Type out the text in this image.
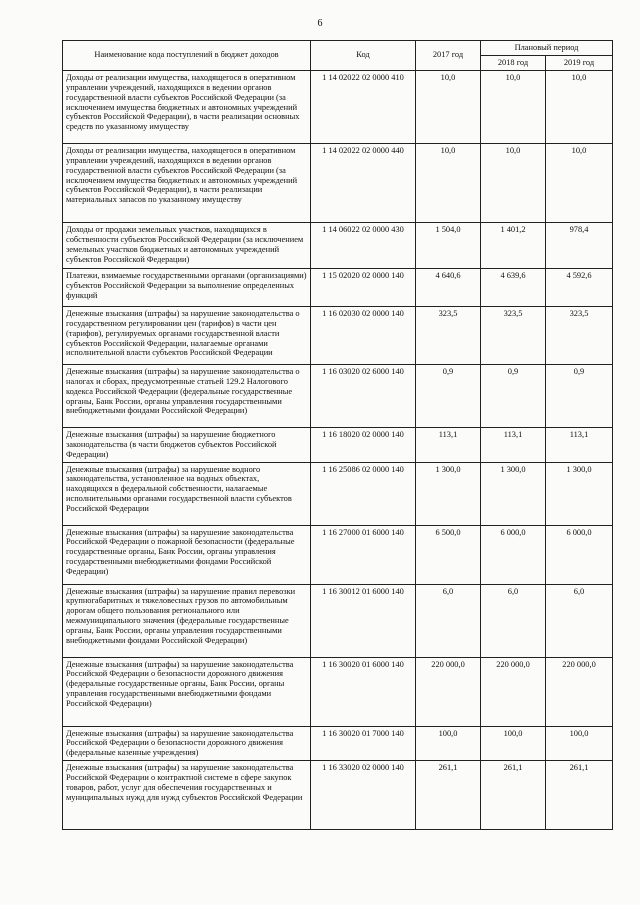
6
Наименование кода поступлений в бюджет доходов	Код	2017 год	Плановый период	
			2018 год	2019 год
Доходы от реализации имущества, находящегося в оперативном управлении учреждений, находящихся в ведении органов государственной власти субъектов Российской Федерации (за исключением имущества бюджетных и автономных учреждений субъектов Российской Федерации), в части реализации основных средств по указанному имуществу	1 14 02022 02 0000 410	10,0	10,0	10,0
Доходы от реализации имущества, находящегося в оперативном управлении учреждений, находящихся в ведении органов государственной власти субъектов Российской Федерации (за исключением имущества бюджетных и автономных учреждений субъектов Российской Федерации), в части реализации материальных запасов по указанному имуществу	1 14 02022 02 0000 440	10,0	10,0	10,0
Доходы от продажи земельных участков, находящихся в собственности субъектов Российской Федерации (за исключением земельных участков бюджетных и автономных учреждений субъектов Российской Федерации)	1 14 06022 02 0000 430	1 504,0	1 401,2	978,4
Платежи, взимаемые государственными органами (организациями) субъектов Российской Федерации за выполнение определенных функций	1 15 02020 02 0000 140	4 640,6	4 639,6	4 592,6
Денежные взыскания (штрафы) за нарушение законодательства о государственном регулировании цен (тарифов) в части цен (тарифов), регулируемых органами государственной власти субъектов Российской Федерации, налагаемые органами исполнительной власти субъектов Российской Федерации	1 16 02030 02 0000 140	323,5	323,5	323,5
Денежные взыскания (штрафы) за нарушение законодательства о налогах и сборах, предусмотренные статьей 129.2 Налогового кодекса Российской Федерации (федеральные государственные органы, Банк России, органы управления государственными внебюджетными фондами Российской Федерации)	1 16 03020 02 6000 140	0,9	0,9	0,9
Денежные взыскания (штрафы) за нарушение бюджетного законодательства (в части бюджетов субъектов Российской Федерации)	1 16 18020 02 0000 140	113,1	113,1	113,1
Денежные взыскания (штрафы) за нарушение водного законодательства, установленное на водных объектах, находящихся в федеральной собственности, налагаемые исполнительными органами государственной власти субъектов Российской Федерации	1 16 25086 02 0000 140	1 300,0	1 300,0	1 300,0
Денежные взыскания (штрафы) за нарушение законодательства Российской Федерации о пожарной безопасности (федеральные государственные органы, Банк России, органы управления государственными внебюджетными фондами Российской Федерации)	1 16 27000 01 6000 140	6 500,0	6 000,0	6 000,0
Денежные взыскания (штрафы) за нарушение правил перевозки крупногабаритных и тяжеловесных грузов по автомобильным дорогам общего пользования регионального или межмуниципального значения (федеральные государственные органы, Банк России, органы управления государственными внебюджетными фондами Российской Федерации)	1 16 30012 01 6000 140	6,0	6,0	6,0
Денежные взыскания (штрафы) за нарушение законодательства Российской Федерации о безопасности дорожного движения (федеральные государственные органы, Банк России, органы управления государственными внебюджетными фондами Российской Федерации)	1 16 30020 01 6000 140	220 000,0	220 000,0	220 000,0
Денежные взыскания (штрафы) за нарушение законодательства Российской Федерации о безопасности дорожного движения (федеральные казенные учреждения)	1 16 30020 01 7000 140	100,0	100,0	100,0
Денежные взыскания (штрафы) за нарушение законодательства Российской Федерации о контрактной системе в сфере закупок товаров, работ, услуг для обеспечения государственных и муниципальных нужд для нужд субъектов Российской Федерации	1 16 33020 02 0000 140	261,1	261,1	261,1
